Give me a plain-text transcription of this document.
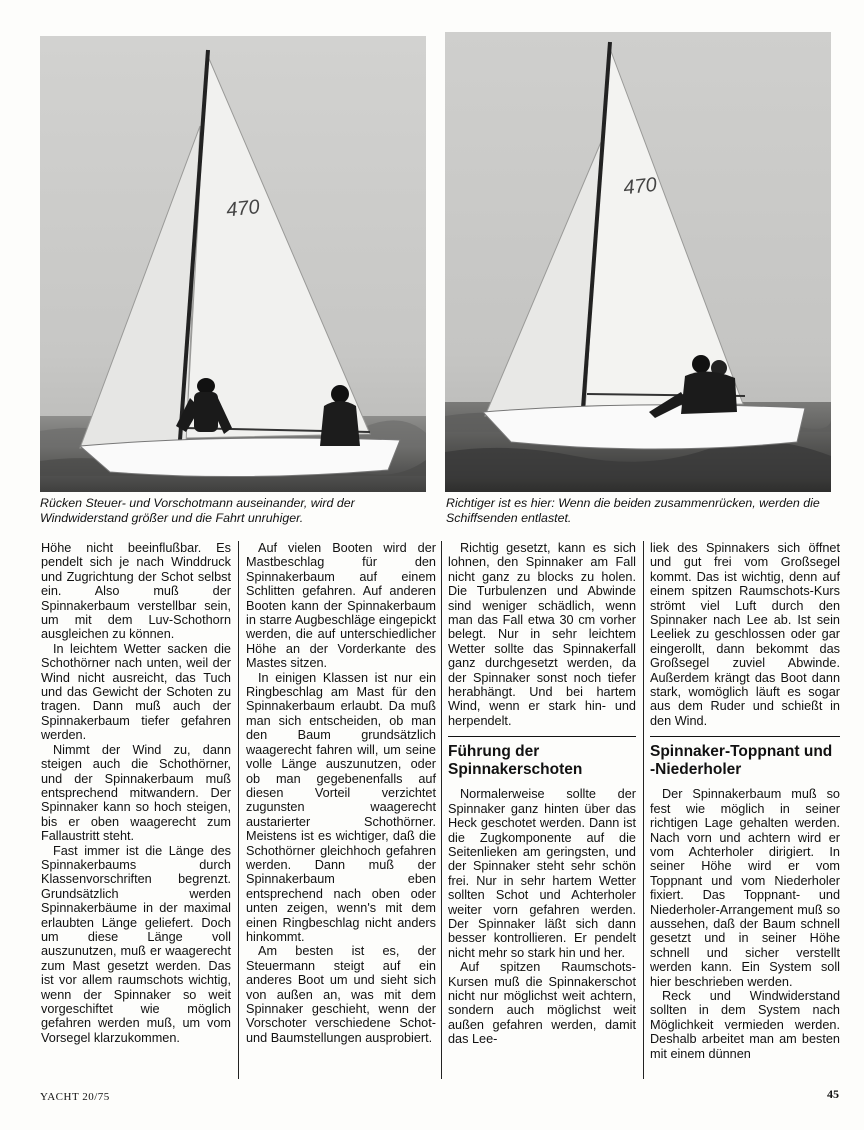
470
470
Rücken Steuer- und Vorschotmann auseinander, wird der Windwiderstand größer und die Fahrt unruhiger.
Richtiger ist es hier: Wenn die beiden zusammenrücken, werden die Schiffsenden entlastet.

Höhe nicht beeinflußbar. Es pendelt sich je nach Winddruck und Zugrichtung der Schot selbst ein. Also muß der Spinnakerbaum verstellbar sein, um mit dem Luv-Schothorn ausgleichen zu können.

In leichtem Wetter sacken die Schothörner nach unten, weil der Wind nicht ausreicht, das Tuch und das Gewicht der Schoten zu tragen. Dann muß auch der Spinnakerbaum tiefer gefahren werden.

Nimmt der Wind zu, dann steigen auch die Schothörner, und der Spinnakerbaum muß entsprechend mitwandern. Der Spinnaker kann so hoch steigen, bis er oben waagerecht zum Fallaustritt steht.

Fast immer ist die Länge des Spinnakerbaums durch Klassenvorschriften begrenzt. Grundsätzlich werden Spinnakerbäume in der maximal erlaubten Länge geliefert. Doch um diese Länge voll auszunutzen, muß er waagerecht zum Mast gesetzt werden. Das ist vor allem raumschots wichtig, wenn der Spinnaker so weit vorgeschiftet wie möglich gefahren werden muß, um vom Vorsegel klarzukommen.

Auf vielen Booten wird der Mastbeschlag für den Spinnakerbaum auf einem Schlitten gefahren. Auf anderen Booten kann der Spinnakerbaum in starre Augbeschläge eingepickt werden, die auf unterschiedlicher Höhe an der Vorderkante des Mastes sitzen.

In einigen Klassen ist nur ein Ringbeschlag am Mast für den Spinnakerbaum erlaubt. Da muß man sich entscheiden, ob man den Baum grundsätzlich waagerecht fahren will, um seine volle Länge auszunutzen, oder ob man gegebenenfalls auf diesen Vorteil verzichtet zugunsten waagerecht austarierter Schothörner. Meistens ist es wichtiger, daß die Schothörner gleichhoch gefahren werden. Dann muß der Spinnakerbaum eben entsprechend nach oben oder unten zeigen, wenn's mit dem einen Ringbeschlag nicht anders hinkommt.

Am besten ist es, der Steuermann steigt auf ein anderes Boot um und sieht sich von außen an, was mit dem Spinnaker geschieht, wenn der Vorschoter verschiedene Schot- und Baumstellungen ausprobiert.

Richtig gesetzt, kann es sich lohnen, den Spinnaker am Fall nicht ganz zu blocks zu holen. Die Turbulenzen und Abwinde sind weniger schädlich, wenn man das Fall etwa 30 cm vorher belegt. Nur in sehr leichtem Wetter sollte das Spinnakerfall ganz durchgesetzt werden, da der Spinnaker sonst noch tiefer herabhängt. Und bei hartem Wind, wenn er stark hin- und herpendelt.

Führung der Spinnakerschoten

Normalerweise sollte der Spinnaker ganz hinten über das Heck geschotet werden. Dann ist die Zugkomponente auf die Seitenlieken am geringsten, und der Spinnaker steht sehr schön frei. Nur in sehr hartem Wetter sollten Schot und Achterholer weiter vorn gefahren werden. Der Spinnaker läßt sich dann besser kontrollieren. Er pendelt nicht mehr so stark hin und her.

Auf spitzen Raumschots-Kursen muß die Spinnakerschot nicht nur möglichst weit achtern, sondern auch möglichst weit außen gefahren werden, damit das Lee-

liek des Spinnakers sich öffnet und gut frei vom Großsegel kommt. Das ist wichtig, denn auf einem spitzen Raumschots-Kurs strömt viel Luft durch den Spinnaker nach Lee ab. Ist sein Leeliek zu geschlossen oder gar eingerollt, dann bekommt das Großsegel zuviel Abwinde. Außerdem krängt das Boot dann stark, womöglich läuft es sogar aus dem Ruder und schießt in den Wind.

Spinnaker-Toppnant und -Niederholer

Der Spinnakerbaum muß so fest wie möglich in seiner richtigen Lage gehalten werden. Nach vorn und achtern wird er vom Achterholer dirigiert. In seiner Höhe wird er vom Toppnant und vom Niederholer fixiert. Das Toppnant- und Niederholer-Arrangement muß so aussehen, daß der Baum schnell gesetzt und in seiner Höhe schnell und sicher verstellt werden kann. Ein System soll hier beschrieben werden.

Reck und Windwiderstand sollten in dem System nach Möglichkeit vermieden werden. Deshalb arbeitet man am besten mit einem dünnen

YACHT 20/75	45
